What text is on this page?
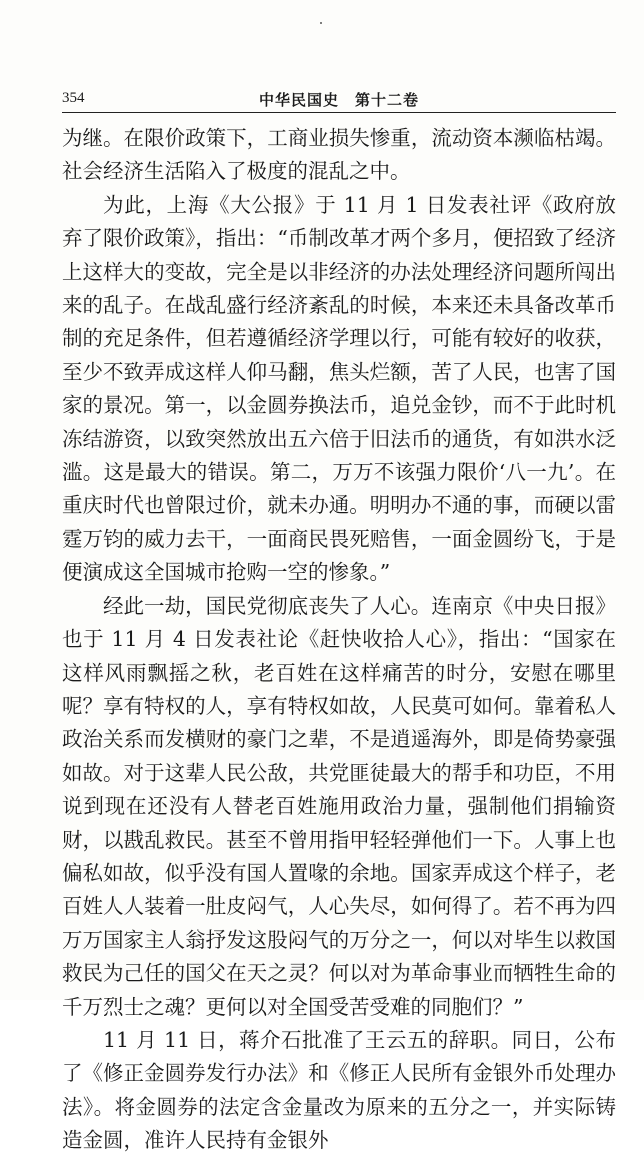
354	中华民国史　第十二卷

为继。在限价政策下，工商业损失惨重，流动资本濒临枯竭。社会经济生活陷入了极度的混乱之中。

为此，上海《大公报》于 11 月 1 日发表社评《政府放弃了限价政策》，指出：“币制改革才两个多月，便招致了经济上这样大的变故，完全是以非经济的办法处理经济问题所闯出来的乱子。在战乱盛行经济紊乱的时候，本来还未具备改革币制的充足条件，但若遵循经济学理以行，可能有较好的收获，至少不致弄成这样人仰马翻，焦头烂额，苦了人民，也害了国家的景况。第一，以金圆券换法币，追兑金钞，而不于此时机冻结游资，以致突然放出五六倍于旧法币的通货，有如洪水泛滥。这是最大的错误。第二，万万不该强力限价‘八一九’。在重庆时代也曾限过价，就未办通。明明办不通的事，而硬以雷霆万钧的威力去干，一面商民畏死赔售，一面金圆纷飞，于是便演成这全国城市抢购一空的惨象。”

经此一劫，国民党彻底丧失了人心。连南京《中央日报》也于 11 月 4 日发表社论《赶快收拾人心》，指出：“国家在这样风雨飘摇之秋，老百姓在这样痛苦的时分，安慰在哪里呢？享有特权的人，享有特权如故，人民莫可如何。靠着私人政治关系而发横财的豪门之辈，不是逍遥海外，即是倚势豪强如故。对于这辈人民公敌，共党匪徒最大的帮手和功臣，不用说到现在还没有人替老百姓施用政治力量，强制他们捐输资财，以戡乱救民。甚至不曾用指甲轻轻弹他们一下。人事上也偏私如故，似乎没有国人置喙的余地。国家弄成这个样子，老百姓人人装着一肚皮闷气，人心失尽，如何得了。若不再为四万万国家主人翁抒发这股闷气的万分之一，何以对毕生以救国救民为己任的国父在天之灵？何以对为革命事业而牺牲生命的千万烈士之魂？更何以对全国受苦受难的同胞们？”

11 月 11 日，蒋介石批准了王云五的辞职。同日，公布了《修正金圆券发行办法》和《修正人民所有金银外币处理办法》。将金圆券的法定含金量改为原来的五分之一，并实际铸造金圆，准许人民持有金银外
